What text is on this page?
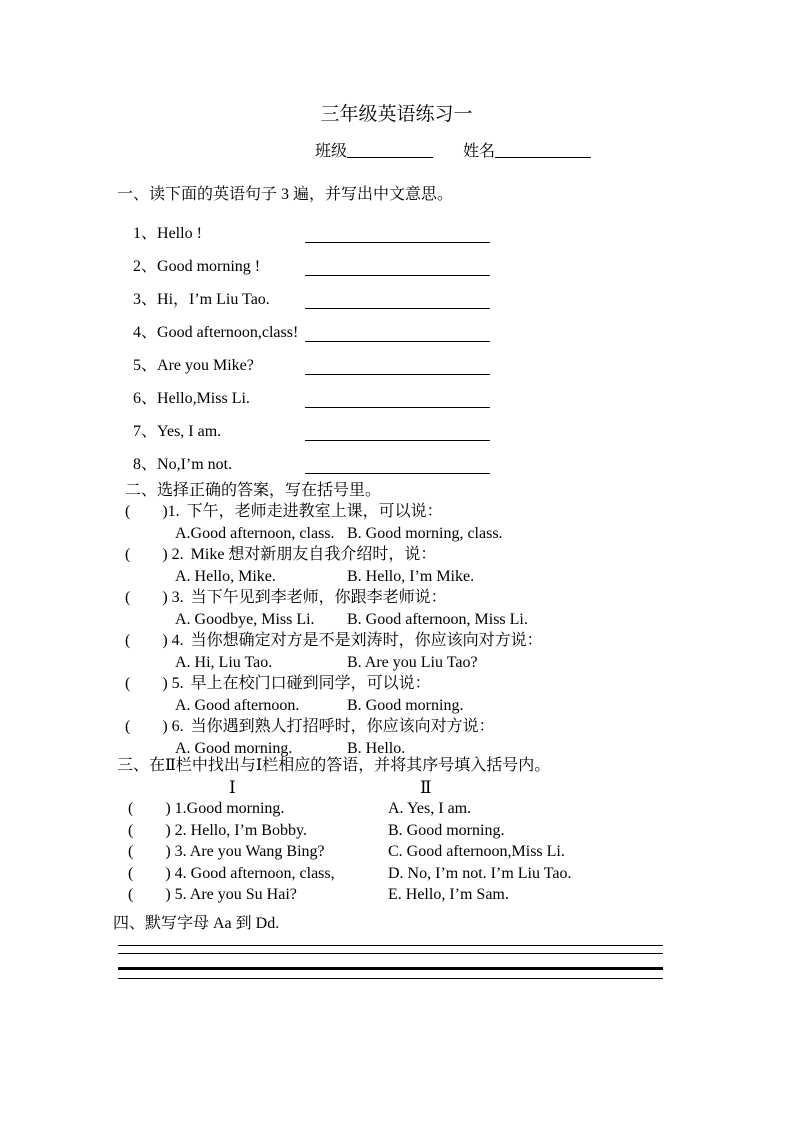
三年级英语练习一
班级	姓名
一、读下面的英语句子 3 遍，并写出中文意思。
1、Hello !
2、Good morning !
3、Hi，I’m Liu Tao.
4、Good afternoon,class!
5、Are you Mike?
6、Hello,Miss Li.
7、Yes, I am.
8、No,I’m not.
二、选择正确的答案，写在括号里。
(        )1. 下午，老师走进教室上课，可以说：
A.Good afternoon, class. B. Good morning, class.
(        ) 2. Mike 想对新朋友自我介绍时，说：
A. Hello, Mike.	B. Hello, I’m Mike.
(        ) 3. 当下午见到李老师，你跟李老师说：
A. Goodbye, Miss Li.	B. Good afternoon, Miss Li.
(        ) 4. 当你想确定对方是不是刘涛时，你应该向对方说：
A. Hi, Liu Tao.	B. Are you Liu Tao?
(        ) 5. 早上在校门口碰到同学，可以说：
A. Good afternoon.	B. Good morning.
(        ) 6. 当你遇到熟人打招呼时，你应该向对方说：
A. Good morning.	B. Hello.
三、在Ⅱ栏中找出与Ⅰ栏相应的答语，并将其序号填入括号内。
Ⅰ	Ⅱ
(        ) 1.Good morning.	A. Yes, I am.
(        ) 2. Hello, I’m Bobby.	B. Good morning.
(        ) 3. Are you Wang Bing?	C. Good afternoon,Miss Li.
(        ) 4. Good afternoon, class,	D. No, I’m not. I’m Liu Tao.
(        ) 5. Are you Su Hai?	E. Hello, I’m Sam.
四、默写字母 Aa 到 Dd.
